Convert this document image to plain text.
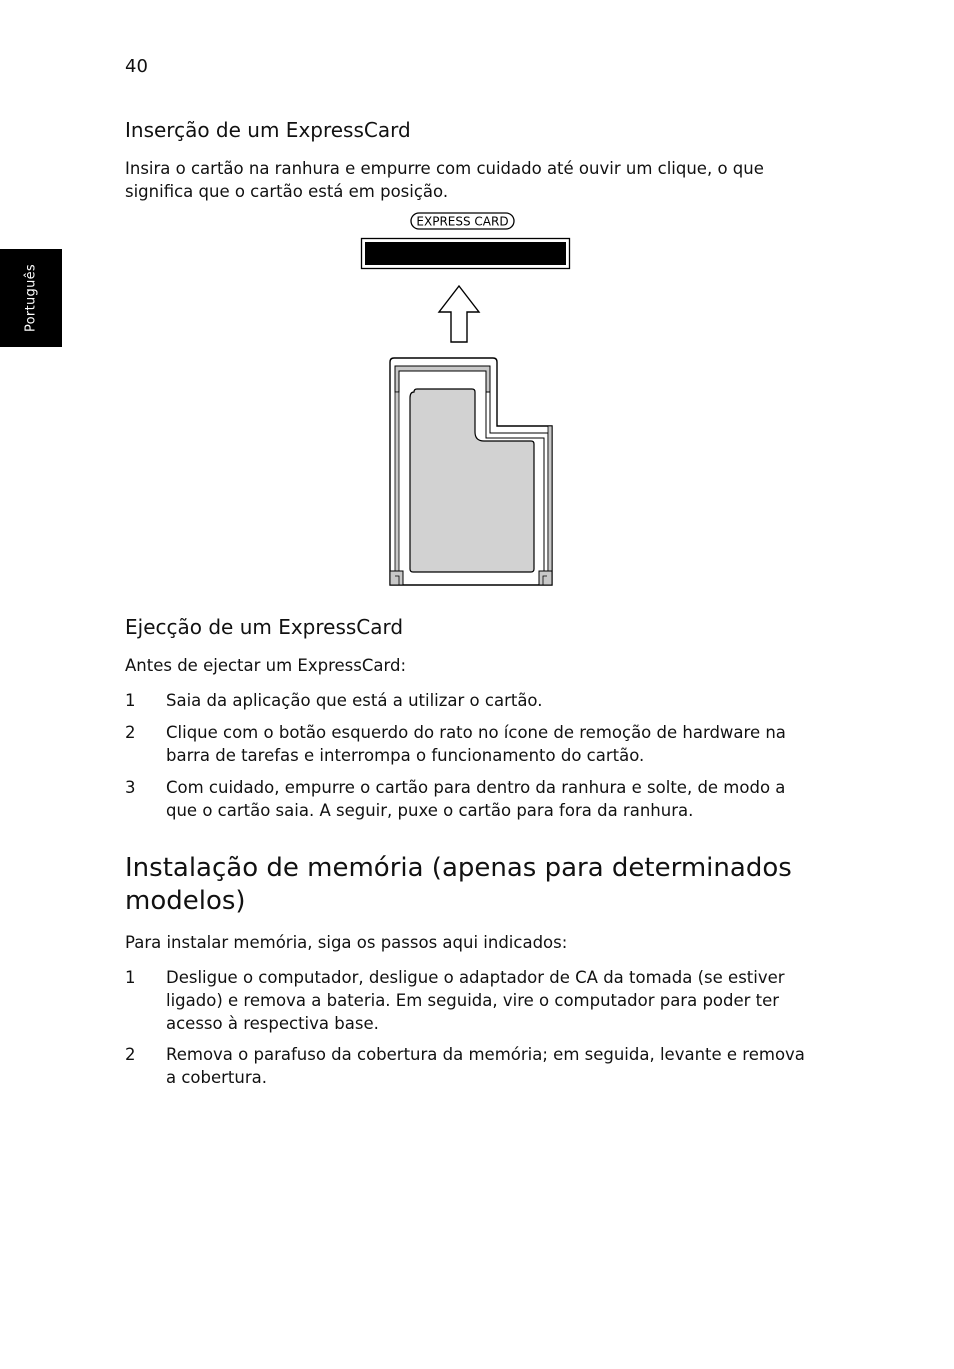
40
Português
Inserção de um ExpressCard

Insira o cartão na ranhura e empurre com cuidado até ouvir um clique, o que significa que o cartão está em posição.

EXPRESS CARD
Ejecção de um ExpressCard

Antes de ejectar um ExpressCard:

1 Saia da aplicação que está a utilizar o cartão.
2 Clique com o botão esquerdo do rato no ícone de remoção de hardware na barra de tarefas e interrompa o funcionamento do cartão.
3 Com cuidado, empurre o cartão para dentro da ranhura e solte, de modo a que o cartão saia. A seguir, puxe o cartão para fora da ranhura.
Instalação de memória (apenas para determinados modelos)

Para instalar memória, siga os passos aqui indicados:

1 Desligue o computador, desligue o adaptador de CA da tomada (se estiver ligado) e remova a bateria. Em seguida, vire o computador para poder ter acesso à respectiva base.
2 Remova o parafuso da cobertura da memória; em seguida, levante e remova a cobertura.
